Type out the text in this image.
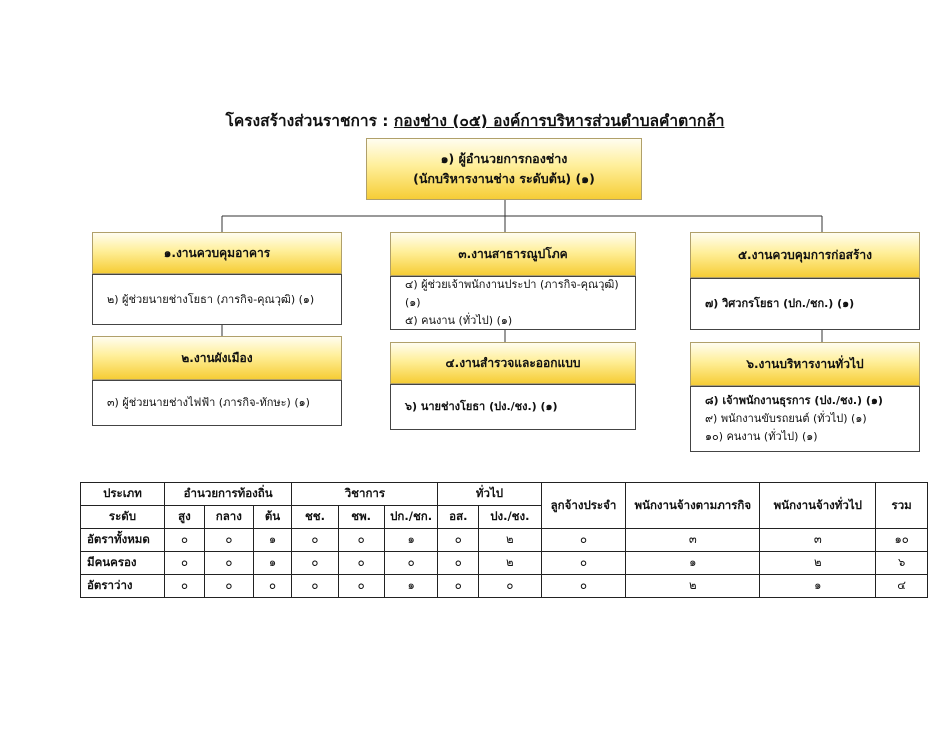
โครงสร้างส่วนราชการ : กองช่าง (๐๕) องค์การบริหารส่วนตำบลคำตากล้า
๑) ผู้อำนวยการกองช่าง
(นักบริหารงานช่าง ระดับต้น) (๑)
๑.งานควบคุมอาคาร
๒) ผู้ช่วยนายช่างโยธา (ภารกิจ-คุณวุฒิ) (๑)
๒.งานผังเมือง
๓) ผู้ช่วยนายช่างไฟฟ้า (ภารกิจ-ทักษะ) (๑)
๓.งานสาธารณูปโภค
๔) ผู้ช่วยเจ้าพนักงานประปา (ภารกิจ-คุณวุฒิ) (๑)
๕) คนงาน (ทั่วไป) (๑)
๔.งานสำรวจและออกแบบ
๖) นายช่างโยธา (ปง./ชง.) (๑)
๕.งานควบคุมการก่อสร้าง
๗) วิศวกรโยธา (ปก./ชก.) (๑)
๖.งานบริหารงานทั่วไป
๘) เจ้าพนักงานธุรการ (ปง./ชง.) (๑)
๙) พนักงานขับรถยนต์ (ทั่วไป) (๑)
๑๐) คนงาน (ทั่วไป) (๑)
ประเภท	อำนวยการท้องถิ่น			วิชาการ			ทั่วไป		ลูกจ้างประจำ	พนักงานจ้างตามภารกิจ	พนักงานจ้างทั่วไป	รวม
ระดับ	สูง	กลาง	ต้น	ชช.	ชพ.	ปก./ชก.	อส.	ปง./ชง.				
อัตราทั้งหมด	๐	๐	๑	๐	๐	๑	๐	๒	๐	๓	๓	๑๐
มีคนครอง	๐	๐	๑	๐	๐	๐	๐	๒	๐	๑	๒	๖
อัตราว่าง	๐	๐	๐	๐	๐	๑	๐	๐	๐	๒	๑	๔
